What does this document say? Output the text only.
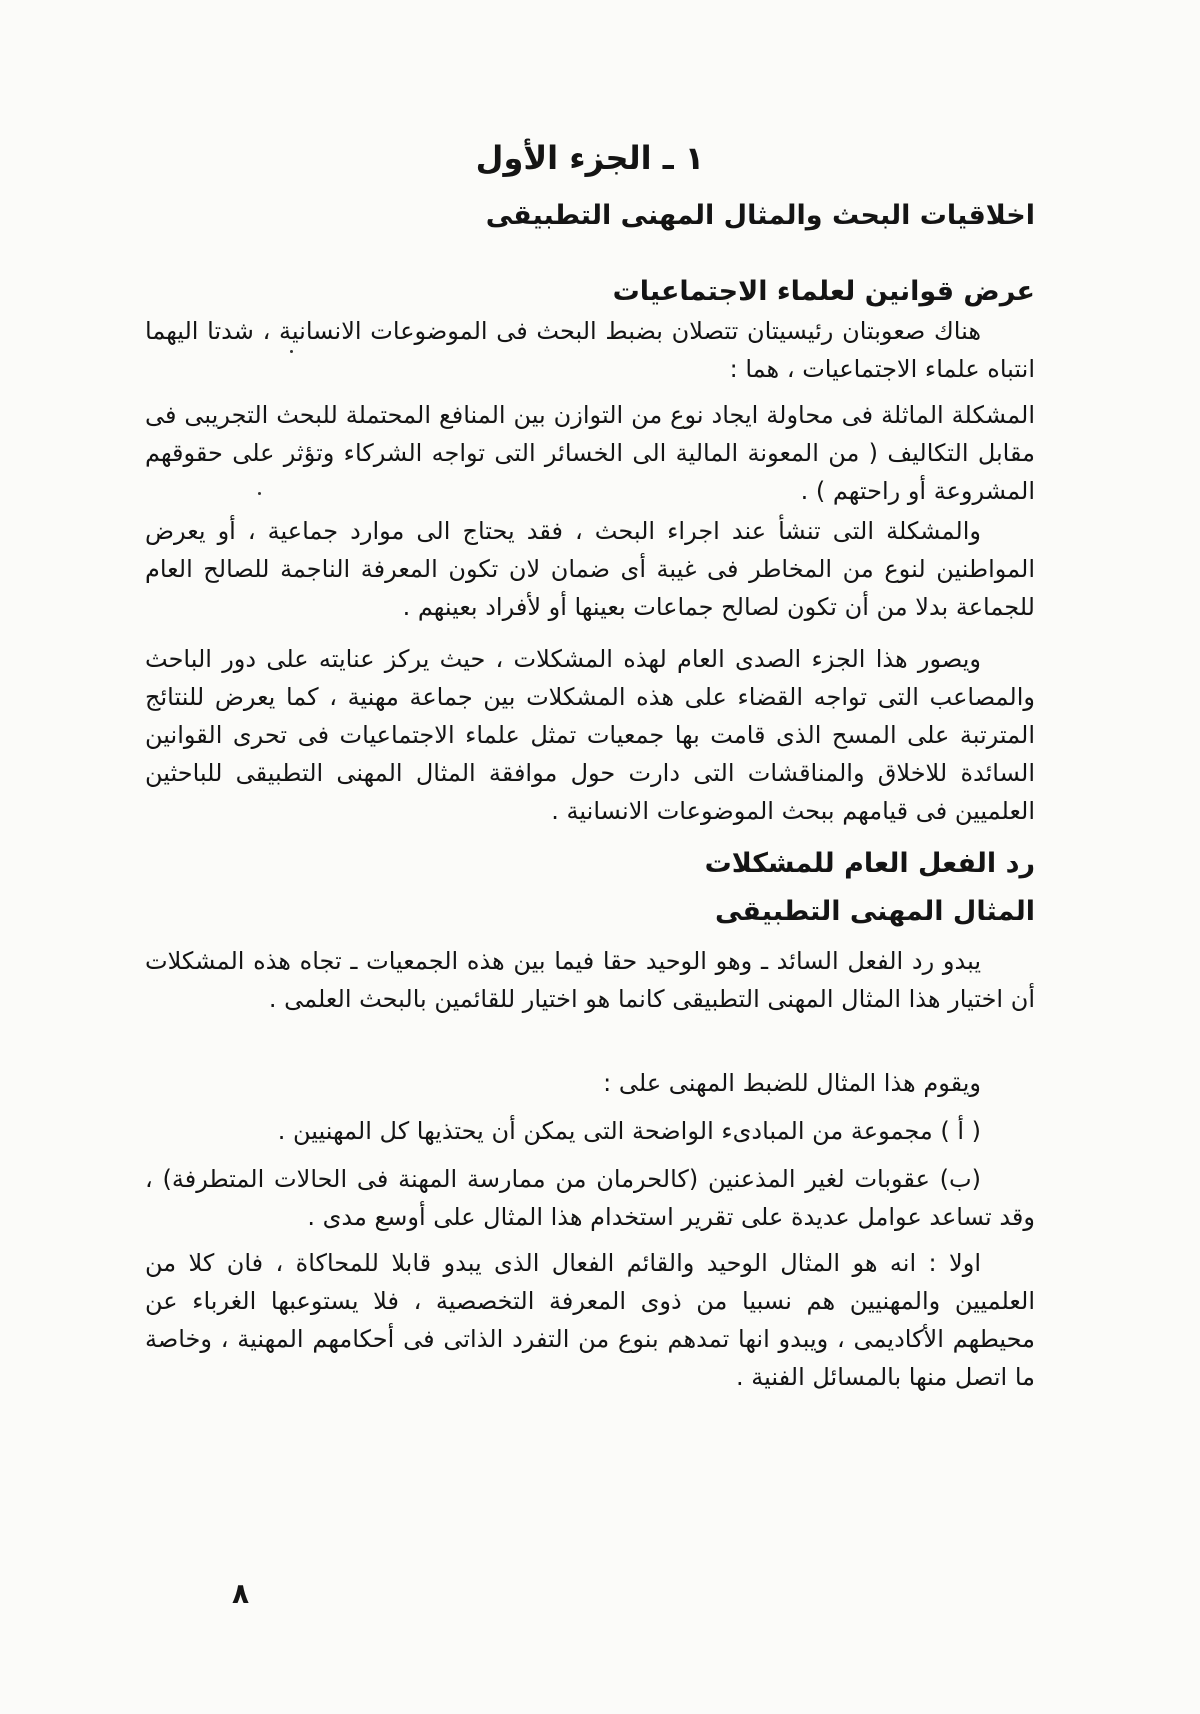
١ ـ الجزء الأول
اخلاقيات البحث والمثال المهنى التطبيقى
عرض قوانين لعلماء الاجتماعيات

هناك صعوبتان رئيسيتان تتصلان بضبط البحث فى الموضوعات الانسانية ، شدتا اليهما انتباه علماء الاجتماعيات ، هما :

المشكلة الماثلة فى محاولة ايجاد نوع من التوازن بين المنافع المحتملة للبحث التجريبى فى مقابل التكاليف ( من المعونة المالية الى الخسائر التى تواجه الشركاء وتؤثر على حقوقهم المشروعة أو راحتهم ) .

والمشكلة التى تنشأ عند اجراء البحث ، فقد يحتاج الى موارد جماعية ، أو يعرض المواطنين لنوع من المخاطر فى غيبة أى ضمان لان تكون المعرفة الناجمة للصالح العام للجماعة بدلا من أن تكون لصالح جماعات بعينها أو لأفراد بعينهم .

ويصور هذا الجزء الصدى العام لهذه المشكلات ، حيث يركز عنايته على دور الباحث والمصاعب التى تواجه القضاء على هذه المشكلات بين جماعة مهنية ، كما يعرض للنتائج المترتبة على المسح الذى قامت بها جمعيات تمثل علماء الاجتماعيات فى تحرى القوانين السائدة للاخلاق والمناقشات التى دارت حول موافقة المثال المهنى التطبيقى للباحثين العلميين فى قيامهم ببحث الموضوعات الانسانية .

رد الفعل العام للمشكلات
المثال المهنى التطبيقى

يبدو رد الفعل السائد ـ وهو الوحيد حقا فيما بين هذه الجمعيات ـ تجاه هذه المشكلات أن اختيار هذا المثال المهنى التطبيقى كانما هو اختيار للقائمين بالبحث العلمى .

ويقوم هذا المثال للضبط المهنى على :

( أ ) مجموعة من المبادىء الواضحة التى يمكن أن يحتذيها كل المهنيين .

(ب) عقوبات لغير المذعنين (كالحرمان من ممارسة المهنة فى الحالات المتطرفة) ، وقد تساعد عوامل عديدة على تقرير استخدام هذا المثال على أوسع مدى .

اولا : انه هو المثال الوحيد والقائم الفعال الذى يبدو قابلا للمحاكاة ، فان كلا من العلميين والمهنيين هم نسبيا من ذوى المعرفة التخصصية ، فلا يستوعبها الغرباء عن محيطهم الأكاديمى ، ويبدو انها تمدهم بنوع من التفرد الذاتى فى أحكامهم المهنية ، وخاصة ما اتصل منها بالمسائل الفنية .

٨
